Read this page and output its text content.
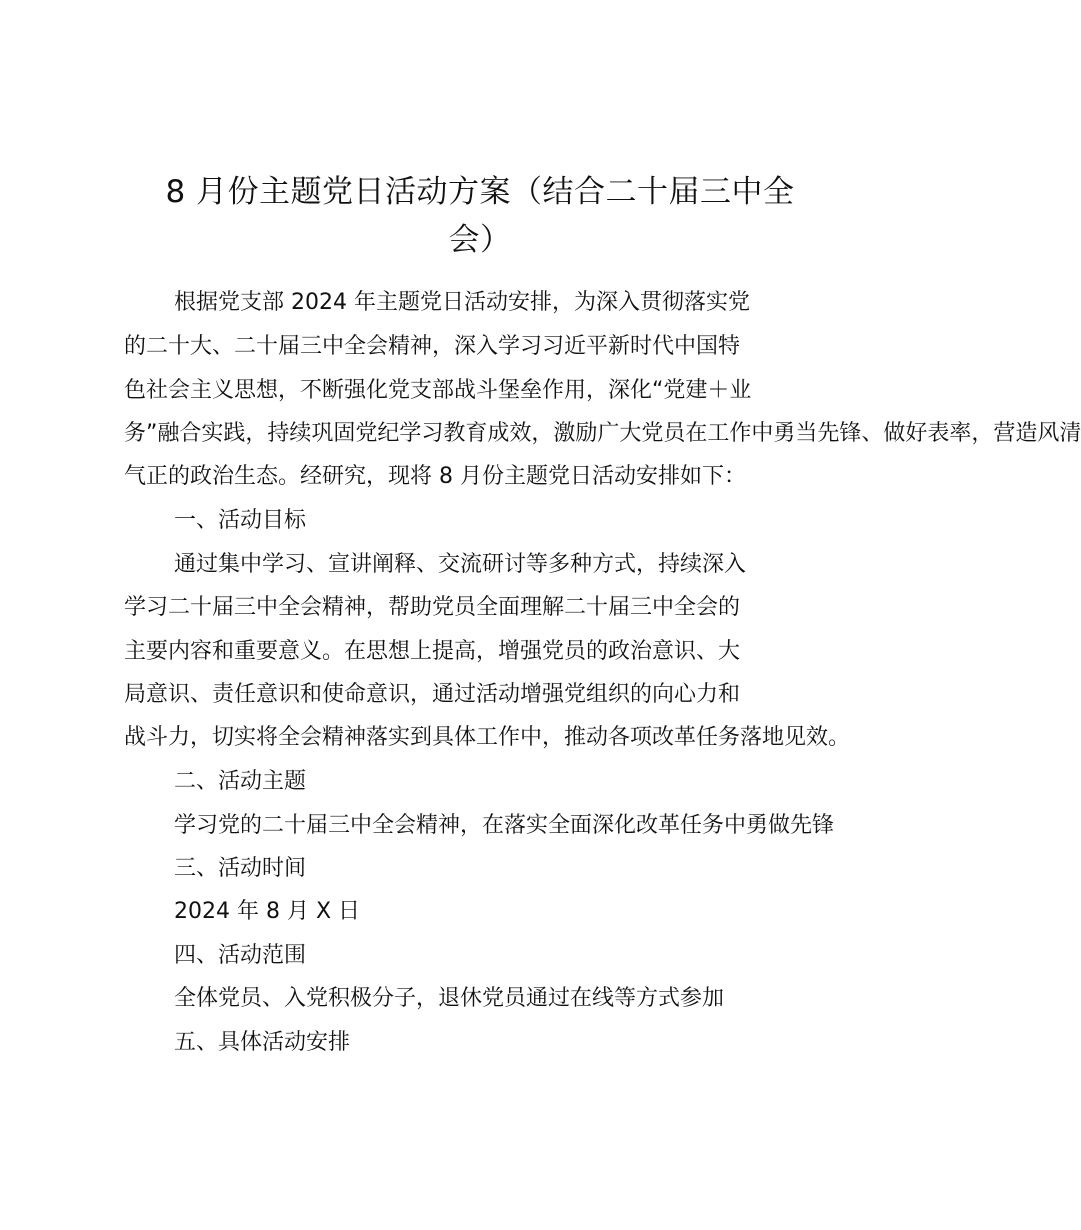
8 月份主题党日活动方案（结合二十届三中全
会）
根据党支部 2024 年主题党日活动安排，为深入贯彻落实党
的二十大、二十届三中全会精神，深入学习习近平新时代中国特
色社会主义思想，不断强化党支部战斗堡垒作用，深化“党建＋业
务”融合实践，持续巩固党纪学习教育成效，激励广大党员在工作中勇当先锋、做好表率，营造风清
气正的政治生态。经研究，现将 8 月份主题党日活动安排如下：
一、活动目标
通过集中学习、宣讲阐释、交流研讨等多种方式，持续深入
学习二十届三中全会精神，帮助党员全面理解二十届三中全会的
主要内容和重要意义。在思想上提高，增强党员的政治意识、大
局意识、责任意识和使命意识，通过活动增强党组织的向心力和
战斗力，切实将全会精神落实到具体工作中，推动各项改革任务落地见效。
二、活动主题
学习党的二十届三中全会精神，在落实全面深化改革任务中勇做先锋
三、活动时间
2024 年 8 月 X 日
四、活动范围
全体党员、入党积极分子，退休党员通过在线等方式参加
五、具体活动安排
